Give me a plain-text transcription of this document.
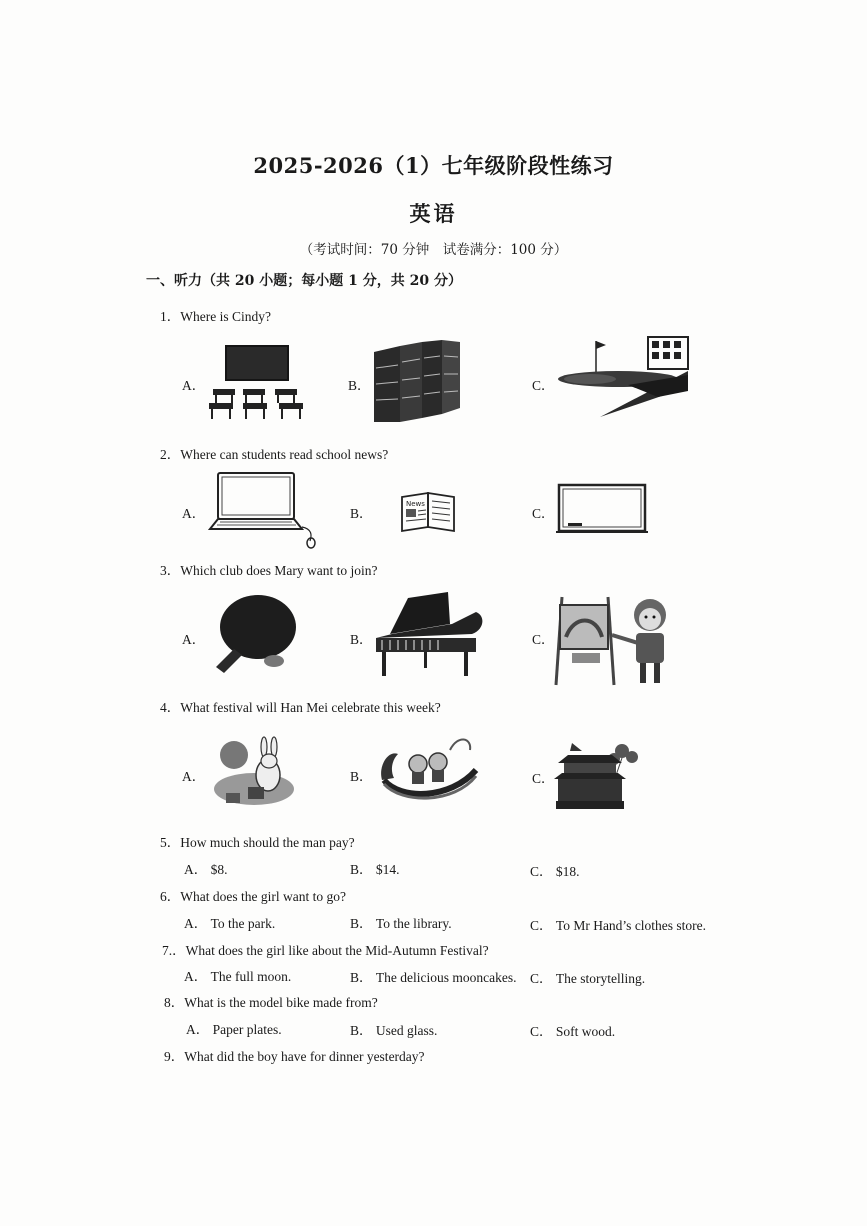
2025-2026（1）七年级阶段性练习
英语
（考试时间：70 分钟　试卷满分：100 分）
一、听力（共 20 小题；每小题 1 分，共 20 分）
1．Where is Cindy?
A．	B．	C．
2．Where can students read school news?
A．	B．	C．
News
3．Which club does Mary want to join?
A．	B．	C．
4．What festival will Han Mei celebrate this week?
A．	B．	C．
5．How much should the man pay?
A． $8.	B． $14.	C． $18.
6．What does the girl want to go?
A． To the park.	B． To the library.	C． To Mr Hand’s clothes store.
7.．What does the girl like about the Mid-Autumn Festival?
A． The full moon.	B． The delicious mooncakes. C． The storytelling.
8．What is the model bike made from?
A． Paper plates.	B． Used glass.	C． Soft wood.
9．What did the boy have for dinner yesterday?
